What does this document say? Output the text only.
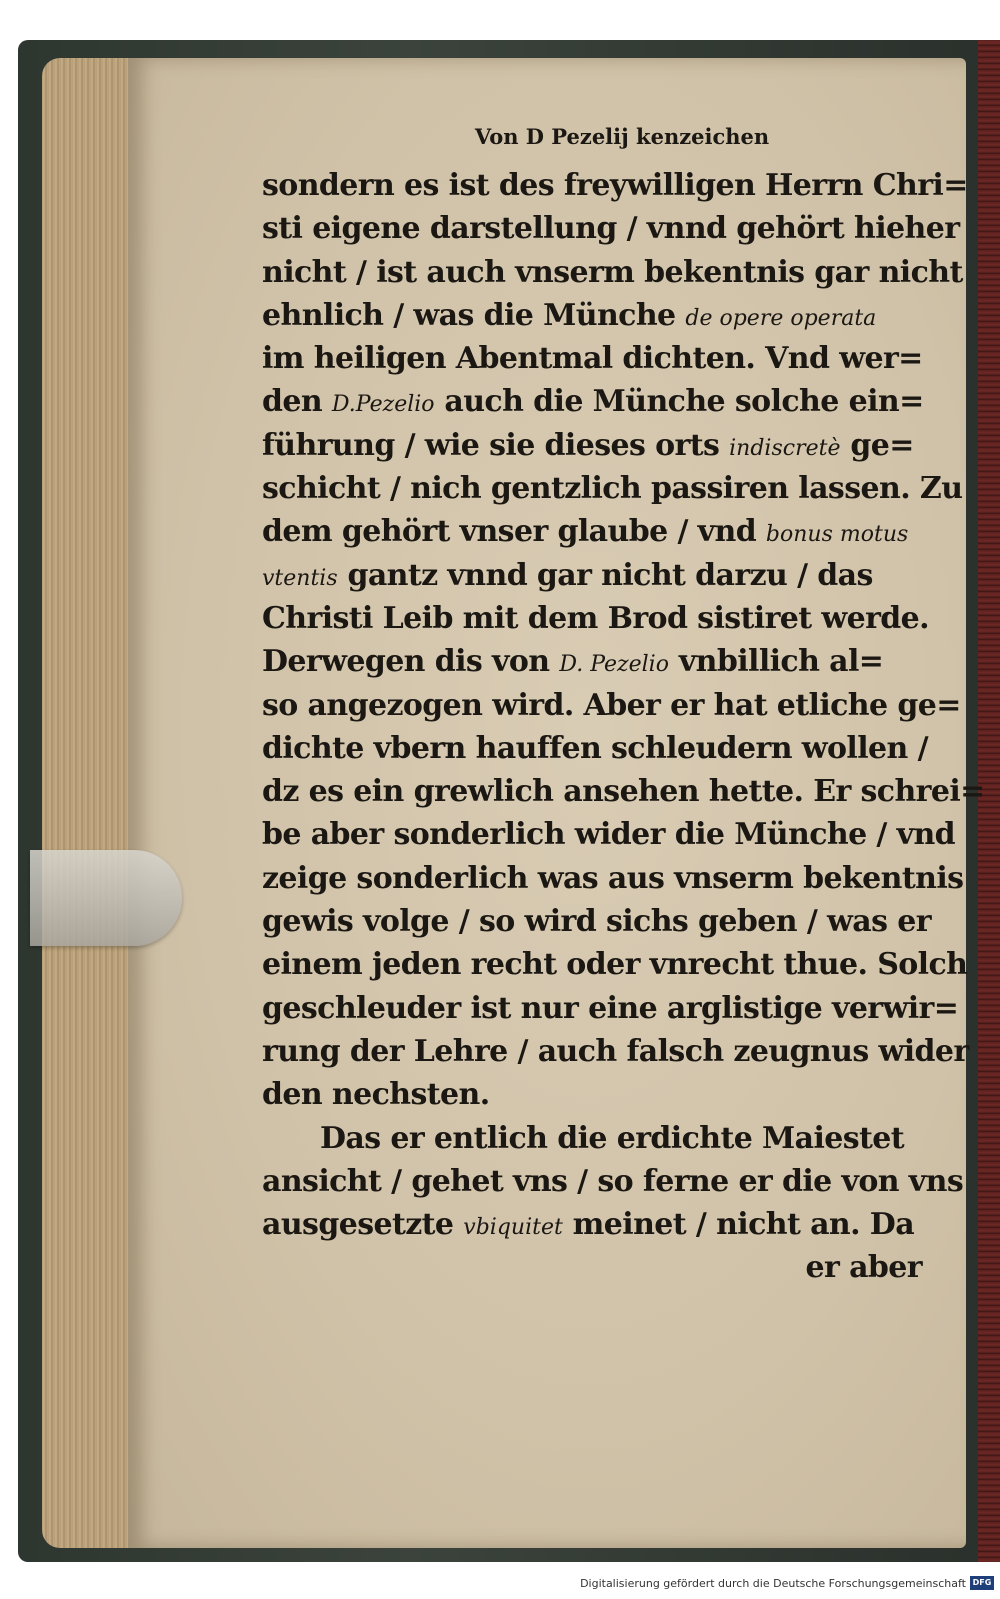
Von D Pezelij kenzeichen
sondern es ist des freywilligen Herrn Chri=
sti eigene darstellung / vnnd gehört hieher
nicht / ist auch vnserm bekentnis gar nicht
ehnlich / was die Münche de opere operata
im heiligen Abentmal dichten. Vnd wer=
den D.Pezelio auch die Münche solche ein=
führung / wie sie dieses orts indiscretè ge=
schicht / nich gentzlich passiren lassen. Zu
dem gehört vnser glaube / vnd bonus motus
vtentis gantz vnnd gar nicht darzu / das
Christi Leib mit dem Brod sistiret werde.
Derwegen dis von D. Pezelio vnbillich al=
so angezogen wird. Aber er hat etliche ge=
dichte vbern hauffen schleudern wollen /
dz es ein grewlich ansehen hette. Er schrei=
be aber sonderlich wider die Münche / vnd
zeige sonderlich was aus vnserm bekentnis
gewis volge / so wird sichs geben / was er
einem jeden recht oder vnrecht thue. Solch
geschleuder ist nur eine arglistige verwir=
rung der Lehre / auch falsch zeugnus wider
den nechsten.
Das er entlich die erdichte Maiestet
ansicht / gehet vns / so ferne er die von vns
ausgesetzte vbiquitet meinet / nicht an. Da
er aber
Digitalisierung gefördert durch die Deutsche Forschungsgemeinschaft DFG
